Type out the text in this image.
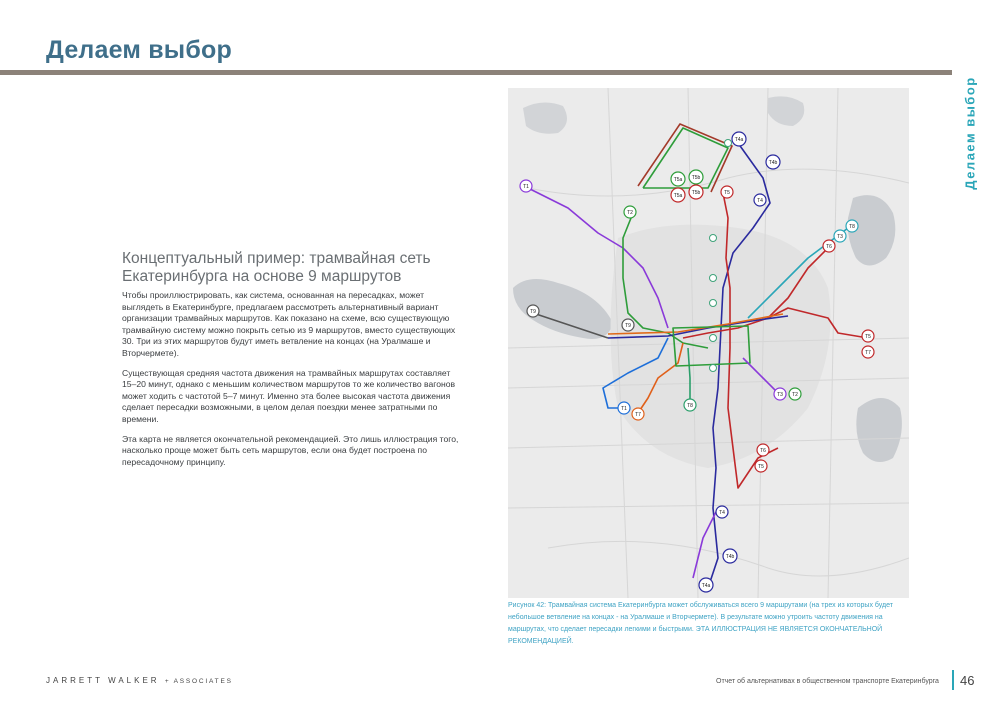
Делаем выбор
Делаем выбор
Концептуальный пример: трамвайная сеть Екатеринбурга на основе 9 маршрутов

Чтобы проиллюстрировать, как система, основанная на пересадках, может выглядеть в Екатеринбурге, предлагаем рассмотреть альтернативный вариант организации трамвайных маршрутов. Как показано на схеме, всю существующую трамвайную систему можно покрыть сетью из 9 маршрутов, вместо существующих 30. Три из этих маршрутов будут иметь ветвление на концах (на Уралмаше и Вторчермете).

Существующая средняя частота движения на трамвайных маршрутах составляет 15–20 минут, однако с меньшим количеством маршрутов то же количество вагонов может ходить с частотой 5–7 минут. Именно эта более высокая частота движения сделает пересадки возможными, в целом делая поездки менее затратными по времени.

Эта карта не является окончательной рекомендацией. Это лишь иллюстрация того, насколько проще может быть сеть маршрутов, если она будет построена по пересадочному принципу.

T1
T2
T4a
T4b
T5a T5b
T5a T5b	T5
T4
T8
T3
T6
T9
T9
T5
T7
T1
T7
T8
T3 T2
T6
T5
T4
T4b
T4a
Рисунок 42: Трамвайная система Екатеринбурга может обслуживаться всего 9 маршрутами (на трех из которых будет небольшое ветвление на концах - на Уралмаше и Вторчермете). В результате можно утроить частоту движения на маршрутах, что сделает пересадки легкими и быстрыми. ЭТА ИЛЛЮСТРАЦИЯ НЕ ЯВЛЯЕТСЯ ОКОНЧАТЕЛЬНОЙ РЕКОМЕНДАЦИЕЙ.
JARRETT WALKER + ASSOCIATES	Отчет об альтернативах в общественном транспорте Екатеринбурга 46
